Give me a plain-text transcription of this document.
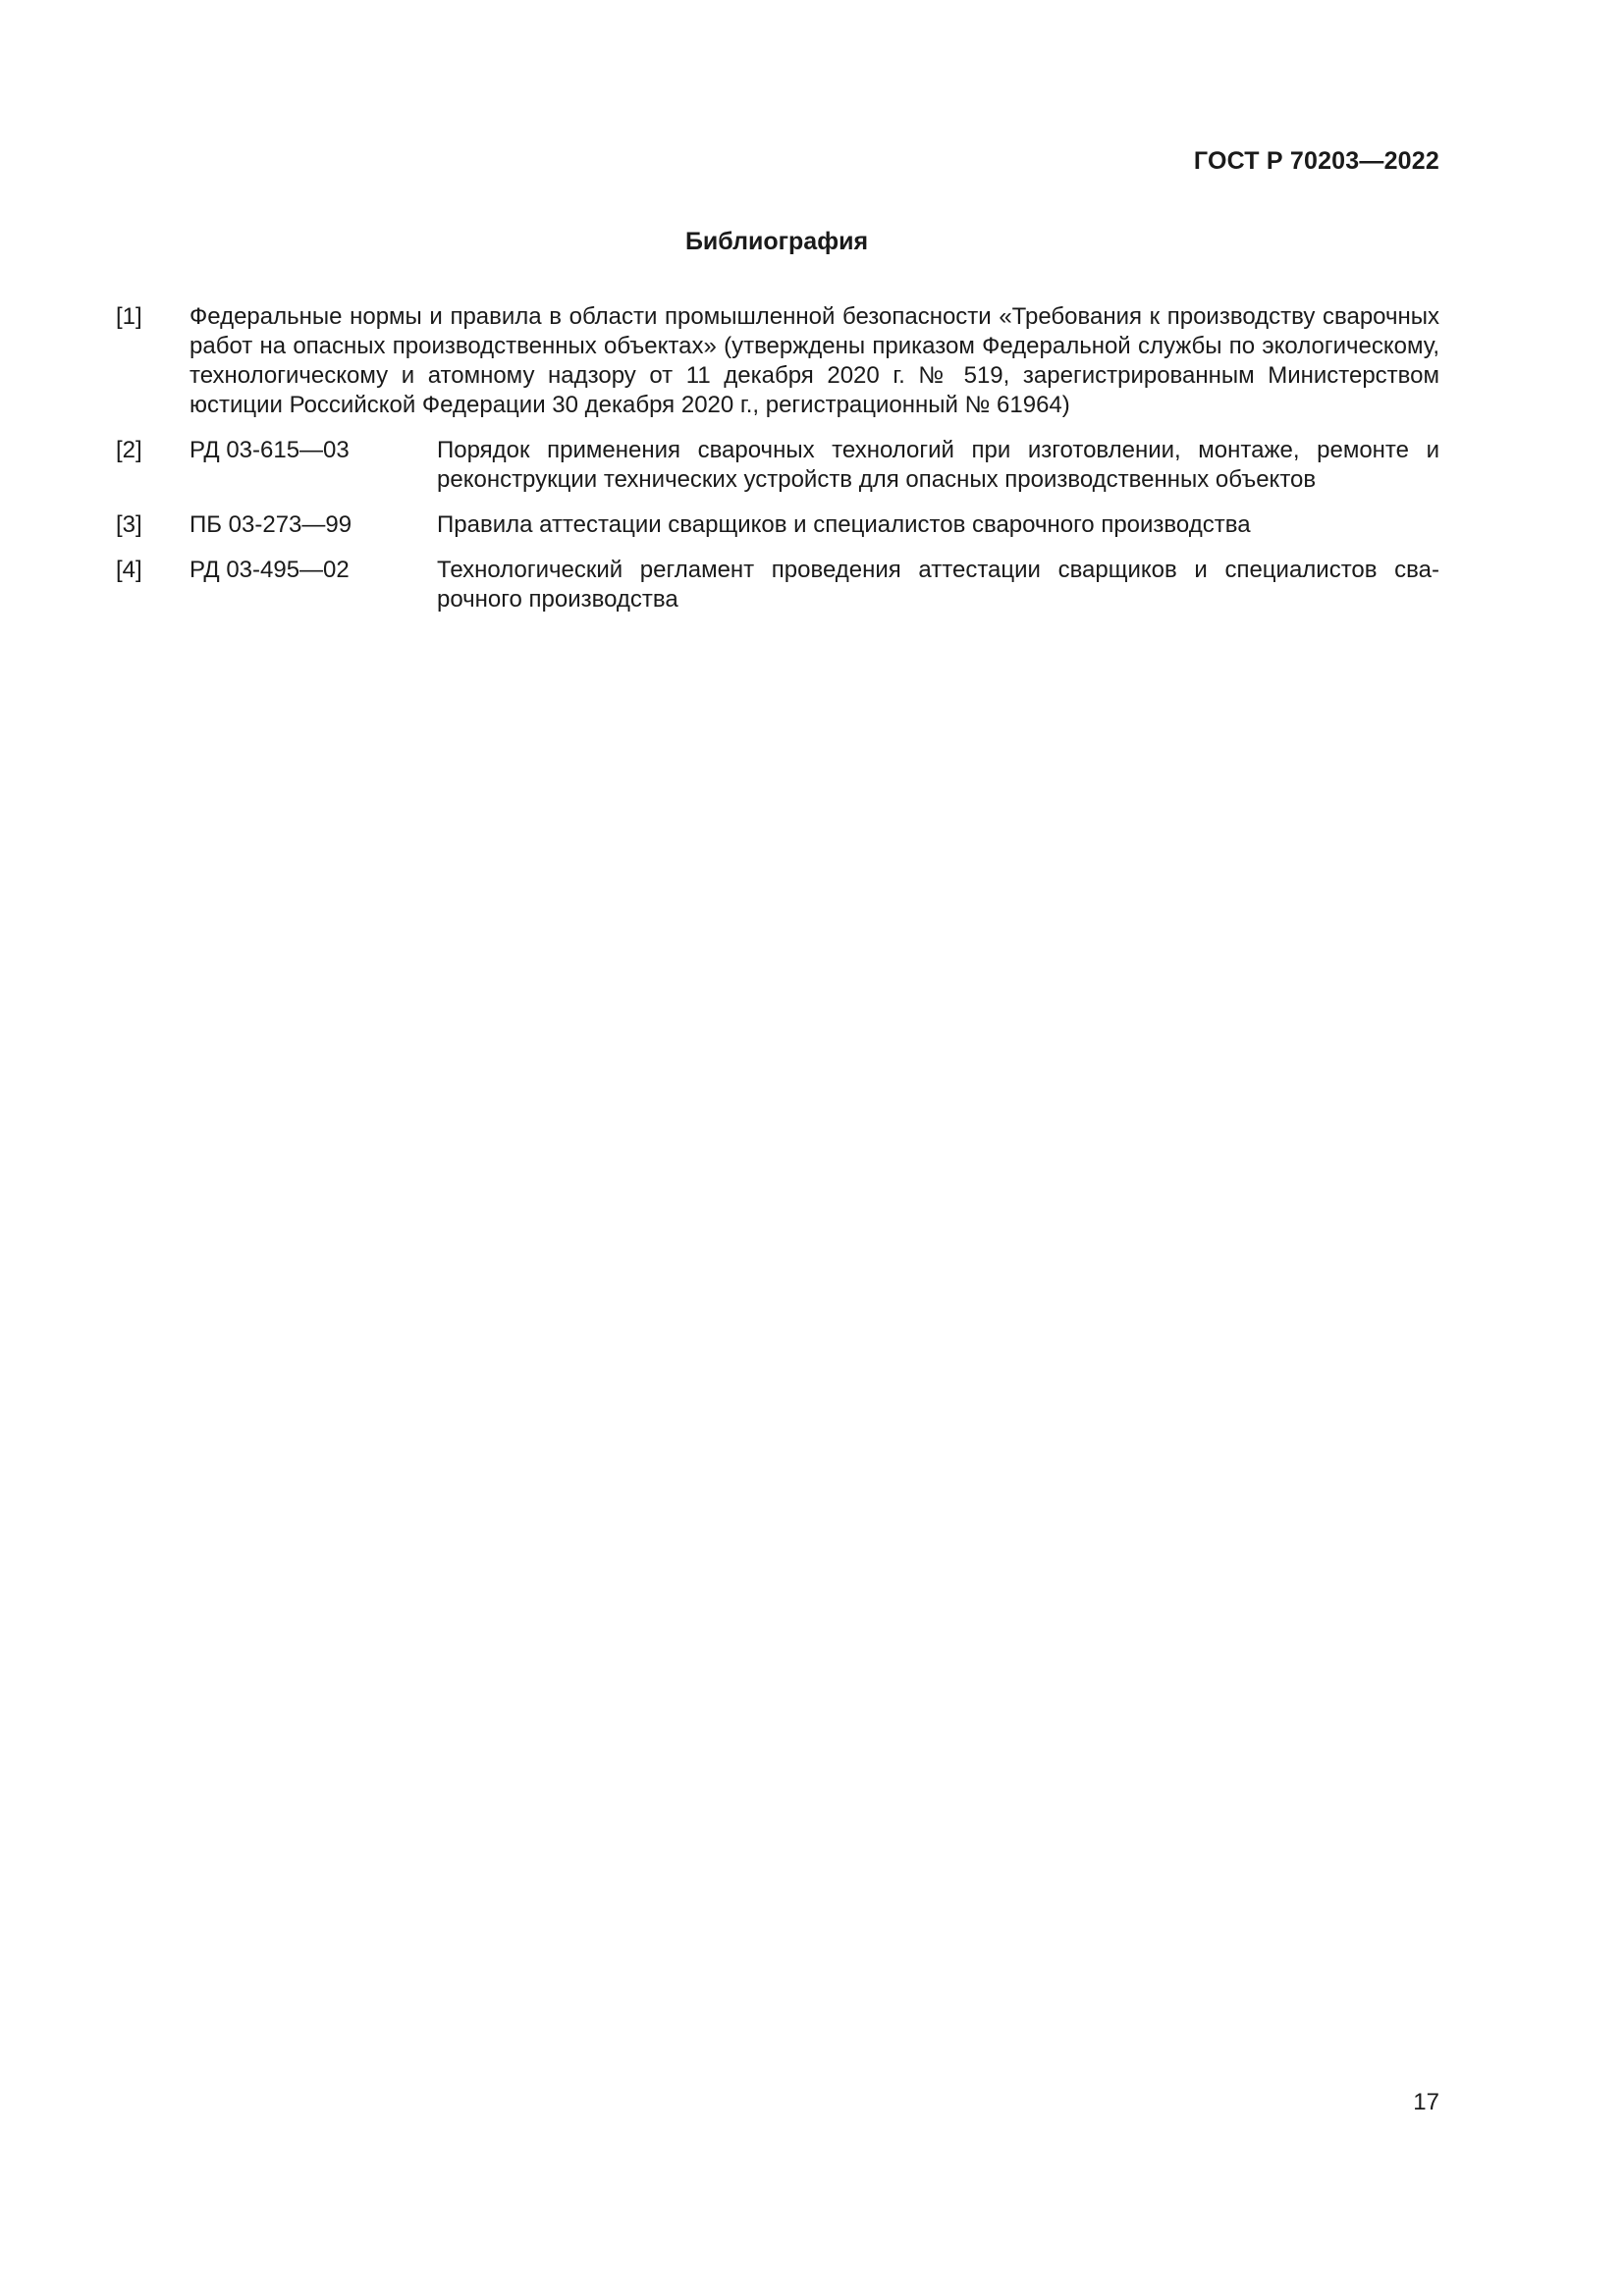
ГОСТ Р 70203—2022
Библиография
[1] Федеральные нормы и правила в области промышленной безопасности «Требования к производству сварочных работ на опасных производственных объектах» (утверждены приказом Федеральной службы по экологическому, технологическому и атомному надзору от 11 декабря 2020 г. № 519, зарегистрированным Министерством юстиции Российской Федерации 30 декабря 2020 г., регистрационный № 61964)
[2] РД 03-615—03	Порядок применения сварочных технологий при изготовлении, монтаже, ремонте и реконструкции технических устройств для опасных производственных объектов
[3] ПБ 03-273—99	Правила аттестации сварщиков и специалистов сварочного производства
[4] РД 03-495—02	Технологический регламент проведения аттестации сварщиков и специалистов сварочного производства
17
